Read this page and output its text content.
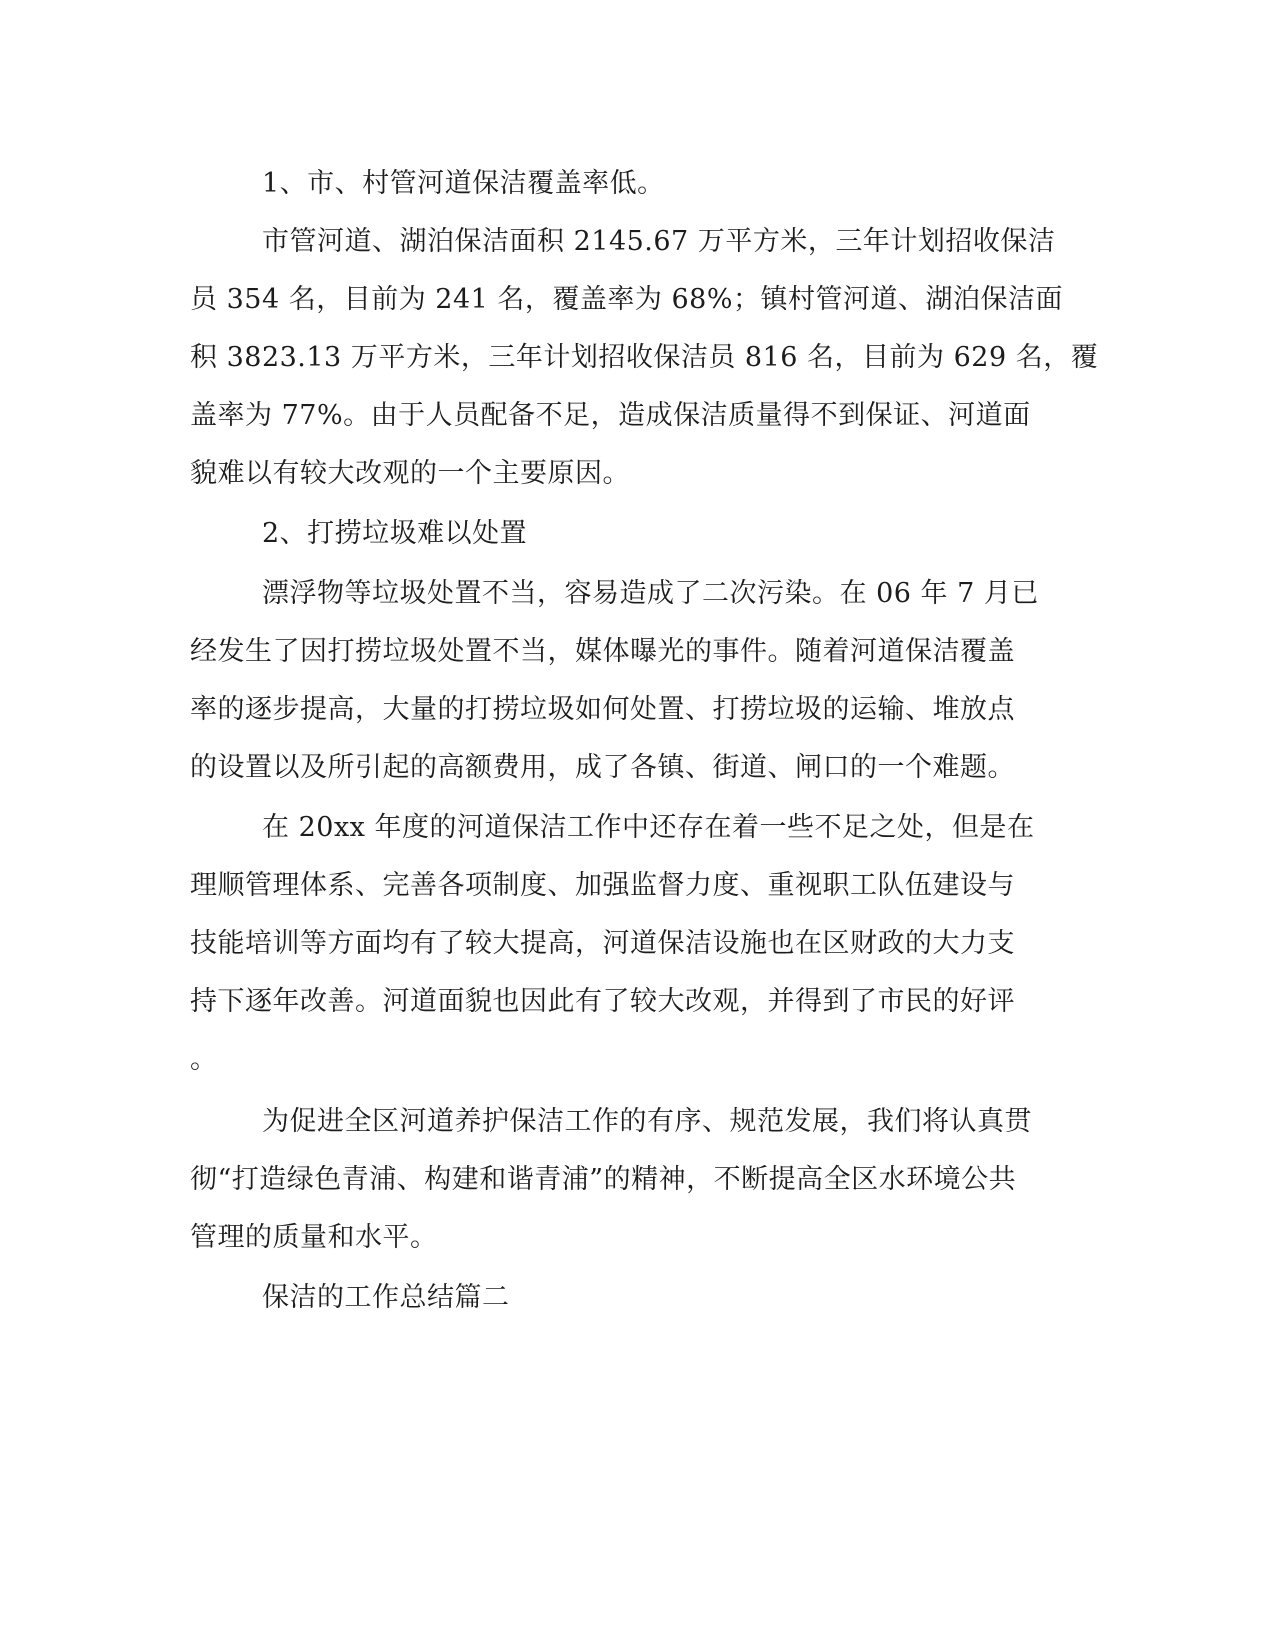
1、市、村管河道保洁覆盖率低。
市管河道、湖泊保洁面积 2145.67 万平方米，三年计划招收保洁
员 354 名，目前为 241 名，覆盖率为 68%；镇村管河道、湖泊保洁面
积 3823.13 万平方米，三年计划招收保洁员 816 名，目前为 629 名，覆
盖率为 77%。由于人员配备不足，造成保洁质量得不到保证、河道面
貌难以有较大改观的一个主要原因。
2、打捞垃圾难以处置
漂浮物等垃圾处置不当，容易造成了二次污染。在 06 年 7 月已
经发生了因打捞垃圾处置不当，媒体曝光的事件。随着河道保洁覆盖
率的逐步提高，大量的打捞垃圾如何处置、打捞垃圾的运输、堆放点
的设置以及所引起的高额费用，成了各镇、街道、闸口的一个难题。
在 20xx 年度的河道保洁工作中还存在着一些不足之处，但是在
理顺管理体系、完善各项制度、加强监督力度、重视职工队伍建设与
技能培训等方面均有了较大提高，河道保洁设施也在区财政的大力支
持下逐年改善。河道面貌也因此有了较大改观，并得到了市民的好评
。
为促进全区河道养护保洁工作的有序、规范发展，我们将认真贯
彻“打造绿色青浦、构建和谐青浦”的精神，不断提高全区水环境公共
管理的质量和水平。
保洁的工作总结篇二
